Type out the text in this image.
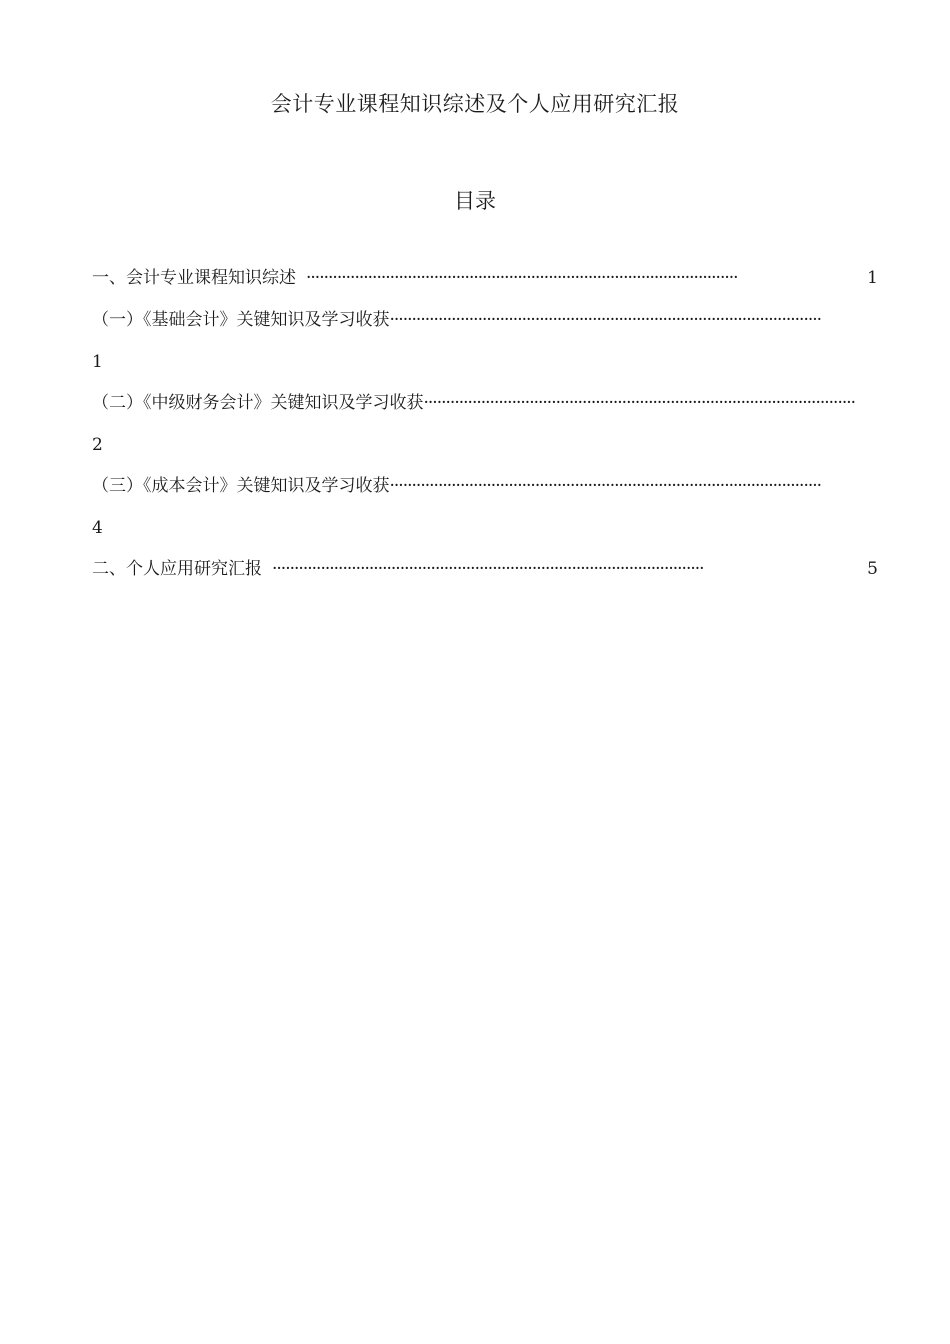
会计专业课程知识综述及个人应用研究汇报
目录
一、会计专业课程知识综述 ··································································································	1
（一）《基础会计》关键知识及学习收获 ··································································································
1
（二）《中级财务会计》关键知识及学习收获 ··································································································
2
（三）《成本会计》关键知识及学习收获 ··································································································
4
二、个人应用研究汇报 ··································································································	5
